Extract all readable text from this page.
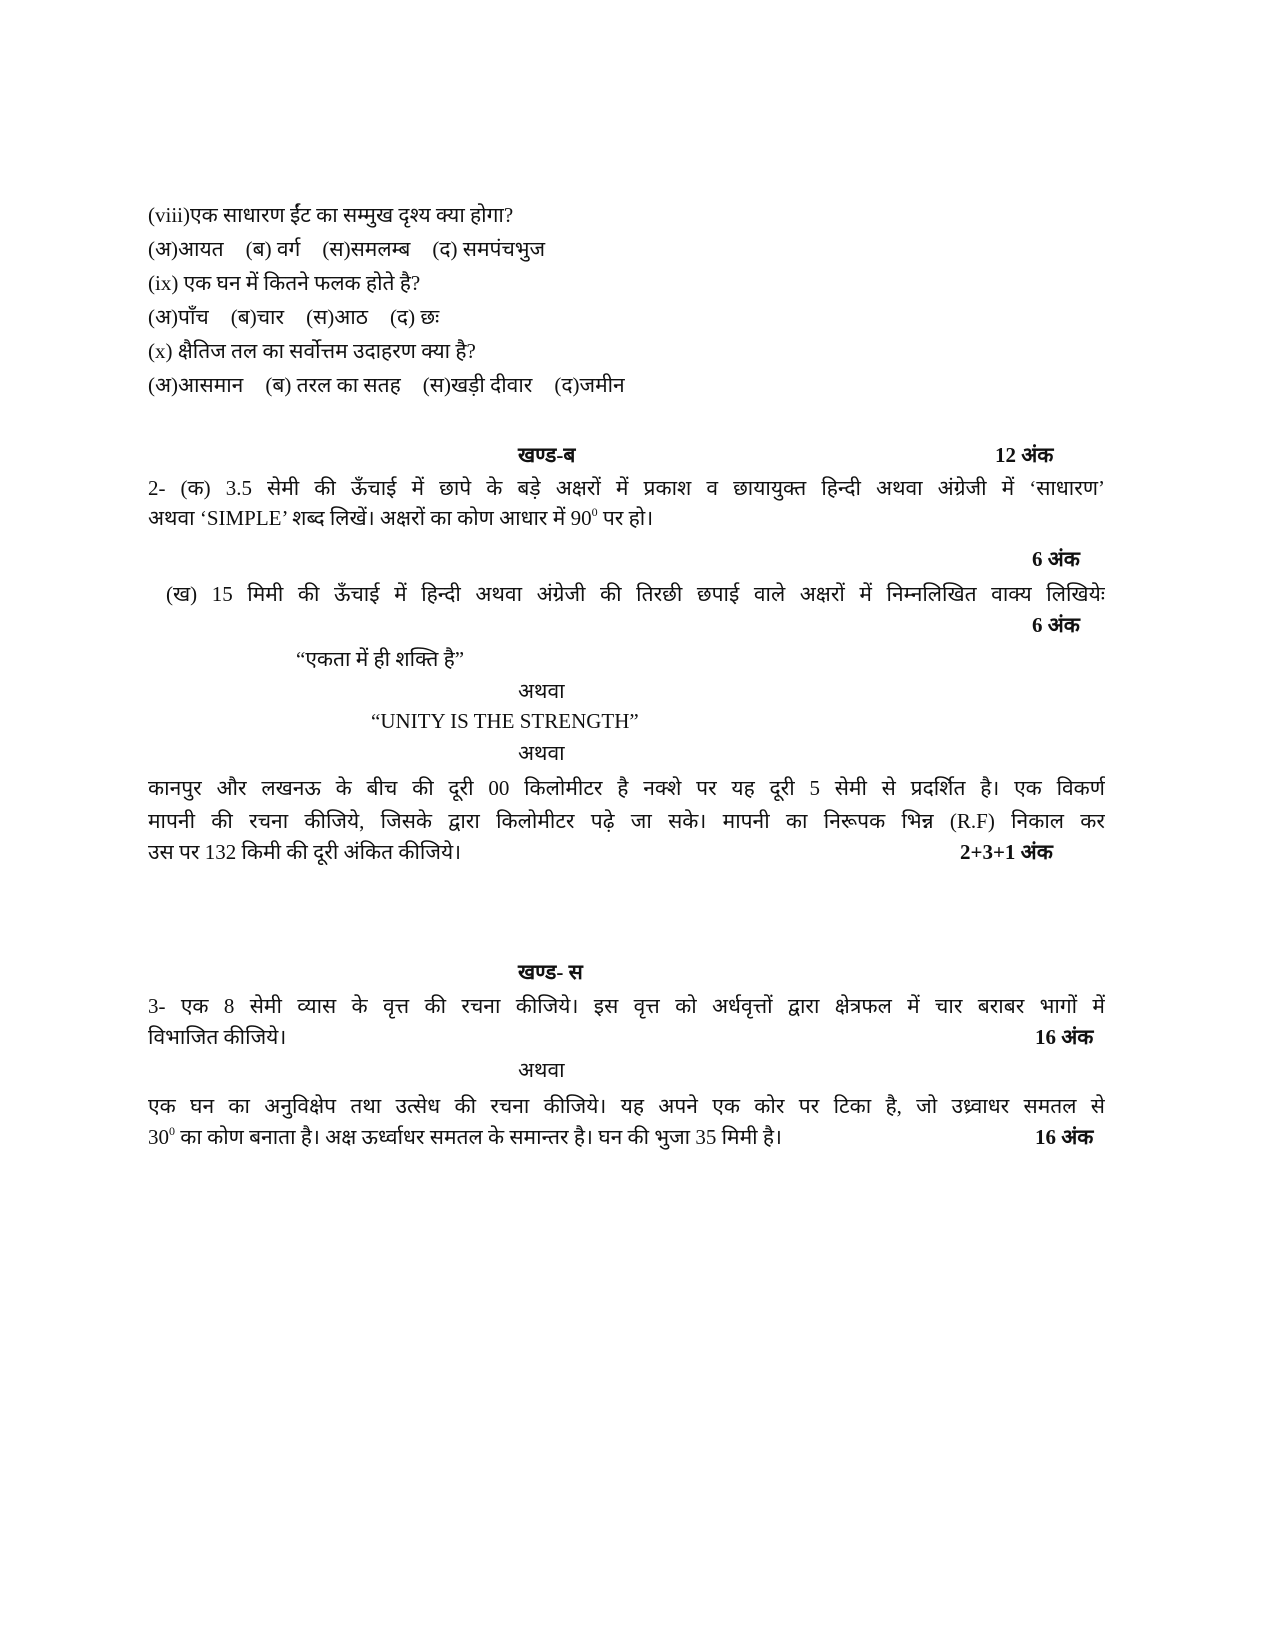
(viii)एक साधारण ईंट का सम्मुख दृश्य क्या होगा?
(अ)आयत (ब) वर्ग (स)समलम्ब (द) समपंचभुज
(ix) एक घन में कितने फलक होते है?
(अ)पाँच (ब)चार (स)आठ (द) छः
(x) क्षैतिज तल का सर्वोत्तम उदाहरण क्या है?
(अ)आसमान (ब) तरल का सतह (स)खड़ी दीवार (द)जमीन
खण्ड-ब	12 अंक
2- (क) 3.5 सेमी की ऊँचाई में छापे के बड़े अक्षरों में प्रकाश व छायायुक्त हिन्दी अथवा अंग्रेजी में ‘साधारण’
अथवा ‘SIMPLE’ शब्द लिखें। अक्षरों का कोण आधार में $90^0$ पर हो।
6 अंक
(ख) 15 मिमी की ऊँचाई में हिन्दी अथवा अंग्रेजी की तिरछी छपाई वाले अक्षरों में निम्नलिखित वाक्य लिखियेः
6 अंक
“एकता में ही शक्ति है”
अथवा
“UNITY IS THE STRENGTH”
अथवा
कानपुर और लखनऊ के बीच की दूरी 00 किलोमीटर है नक्शे पर यह दूरी 5 सेमी से प्रदर्शित है। एक विकर्ण
मापनी की रचना कीजिये, जिसके द्वारा किलोमीटर पढ़े जा सके। मापनी का निरूपक भिन्न (R.F) निकाल कर
उस पर 132 किमी की दूरी अंकित कीजिये।	2+3+1 अंक
खण्ड- स
3- एक 8 सेमी व्यास के वृत्त की रचना कीजिये। इस वृत्त को अर्धवृत्तों द्वारा क्षेत्रफल में चार बराबर भागों में
विभाजित कीजिये।	16 अंक
अथवा
एक घन का अनुविक्षेप तथा उत्सेध की रचना कीजिये। यह अपने एक कोर पर टिका है, जो उध्र्वाधर समतल से
$30^0$ का कोण बनाता है। अक्ष ऊर्ध्वाधर समतल के समान्तर है। घन की भुजा 35 मिमी है।	16 अंक
